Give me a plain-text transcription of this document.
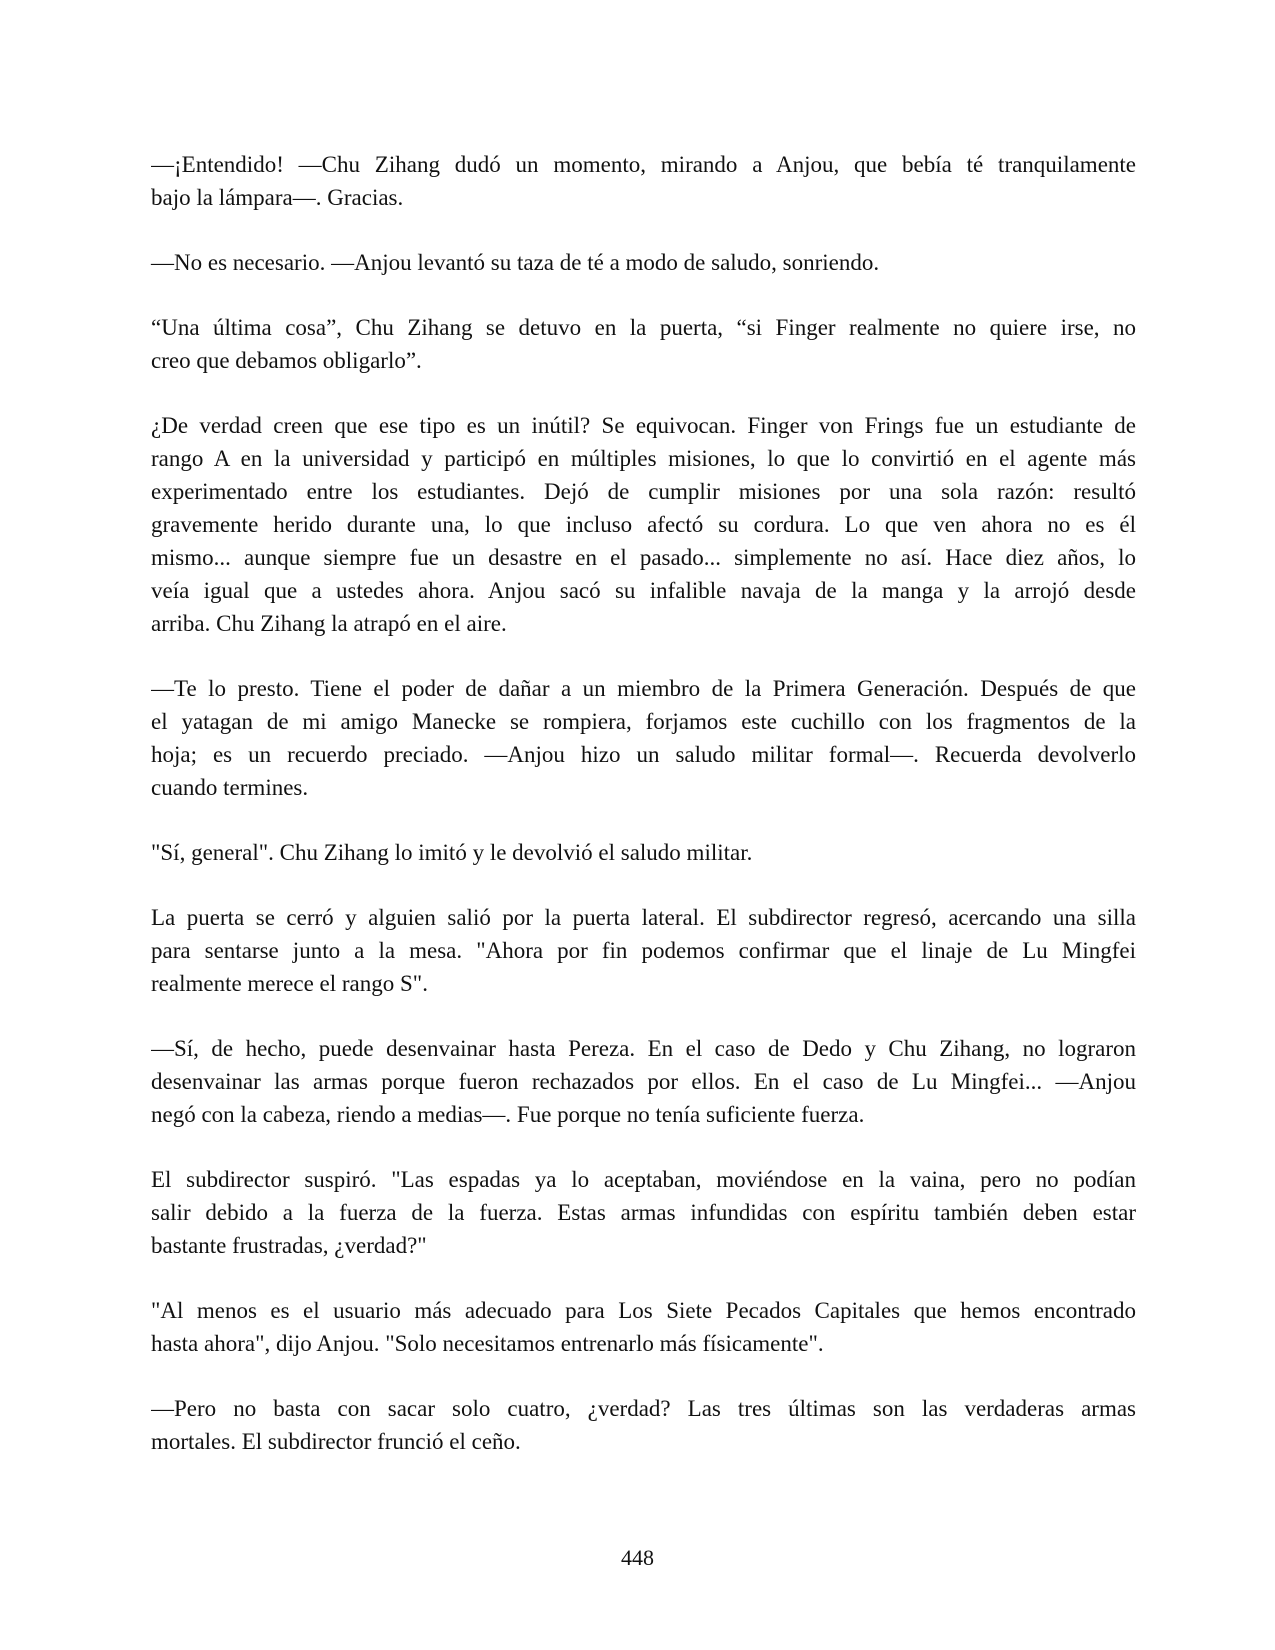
—¡Entendido! —Chu Zihang dudó un momento, mirando a Anjou, que bebía té tranquilamente
bajo la lámpara—. Gracias.
—No es necesario. —Anjou levantó su taza de té a modo de saludo, sonriendo.
“Una última cosa”, Chu Zihang se detuvo en la puerta, “si Finger realmente no quiere irse, no
creo que debamos obligarlo”.
¿De verdad creen que ese tipo es un inútil? Se equivocan. Finger von Frings fue un estudiante de
rango A en la universidad y participó en múltiples misiones, lo que lo convirtió en el agente más
experimentado entre los estudiantes. Dejó de cumplir misiones por una sola razón: resultó
gravemente herido durante una, lo que incluso afectó su cordura. Lo que ven ahora no es él
mismo... aunque siempre fue un desastre en el pasado... simplemente no así. Hace diez años, lo
veía igual que a ustedes ahora. Anjou sacó su infalible navaja de la manga y la arrojó desde
arriba. Chu Zihang la atrapó en el aire.
—Te lo presto. Tiene el poder de dañar a un miembro de la Primera Generación. Después de que
el yatagan de mi amigo Manecke se rompiera, forjamos este cuchillo con los fragmentos de la
hoja; es un recuerdo preciado. —Anjou hizo un saludo militar formal—. Recuerda devolverlo
cuando termines.
"Sí, general". Chu Zihang lo imitó y le devolvió el saludo militar.
La puerta se cerró y alguien salió por la puerta lateral. El subdirector regresó, acercando una silla
para sentarse junto a la mesa. "Ahora por fin podemos confirmar que el linaje de Lu Mingfei
realmente merece el rango S".
—Sí, de hecho, puede desenvainar hasta Pereza. En el caso de Dedo y Chu Zihang, no lograron
desenvainar las armas porque fueron rechazados por ellos. En el caso de Lu Mingfei... —Anjou
negó con la cabeza, riendo a medias—. Fue porque no tenía suficiente fuerza.
El subdirector suspiró. "Las espadas ya lo aceptaban, moviéndose en la vaina, pero no podían
salir debido a la fuerza de la fuerza. Estas armas infundidas con espíritu también deben estar
bastante frustradas, ¿verdad?"
"Al menos es el usuario más adecuado para Los Siete Pecados Capitales que hemos encontrado
hasta ahora", dijo Anjou. "Solo necesitamos entrenarlo más físicamente".
—Pero no basta con sacar solo cuatro, ¿verdad? Las tres últimas son las verdaderas armas
mortales. El subdirector frunció el ceño.
448
